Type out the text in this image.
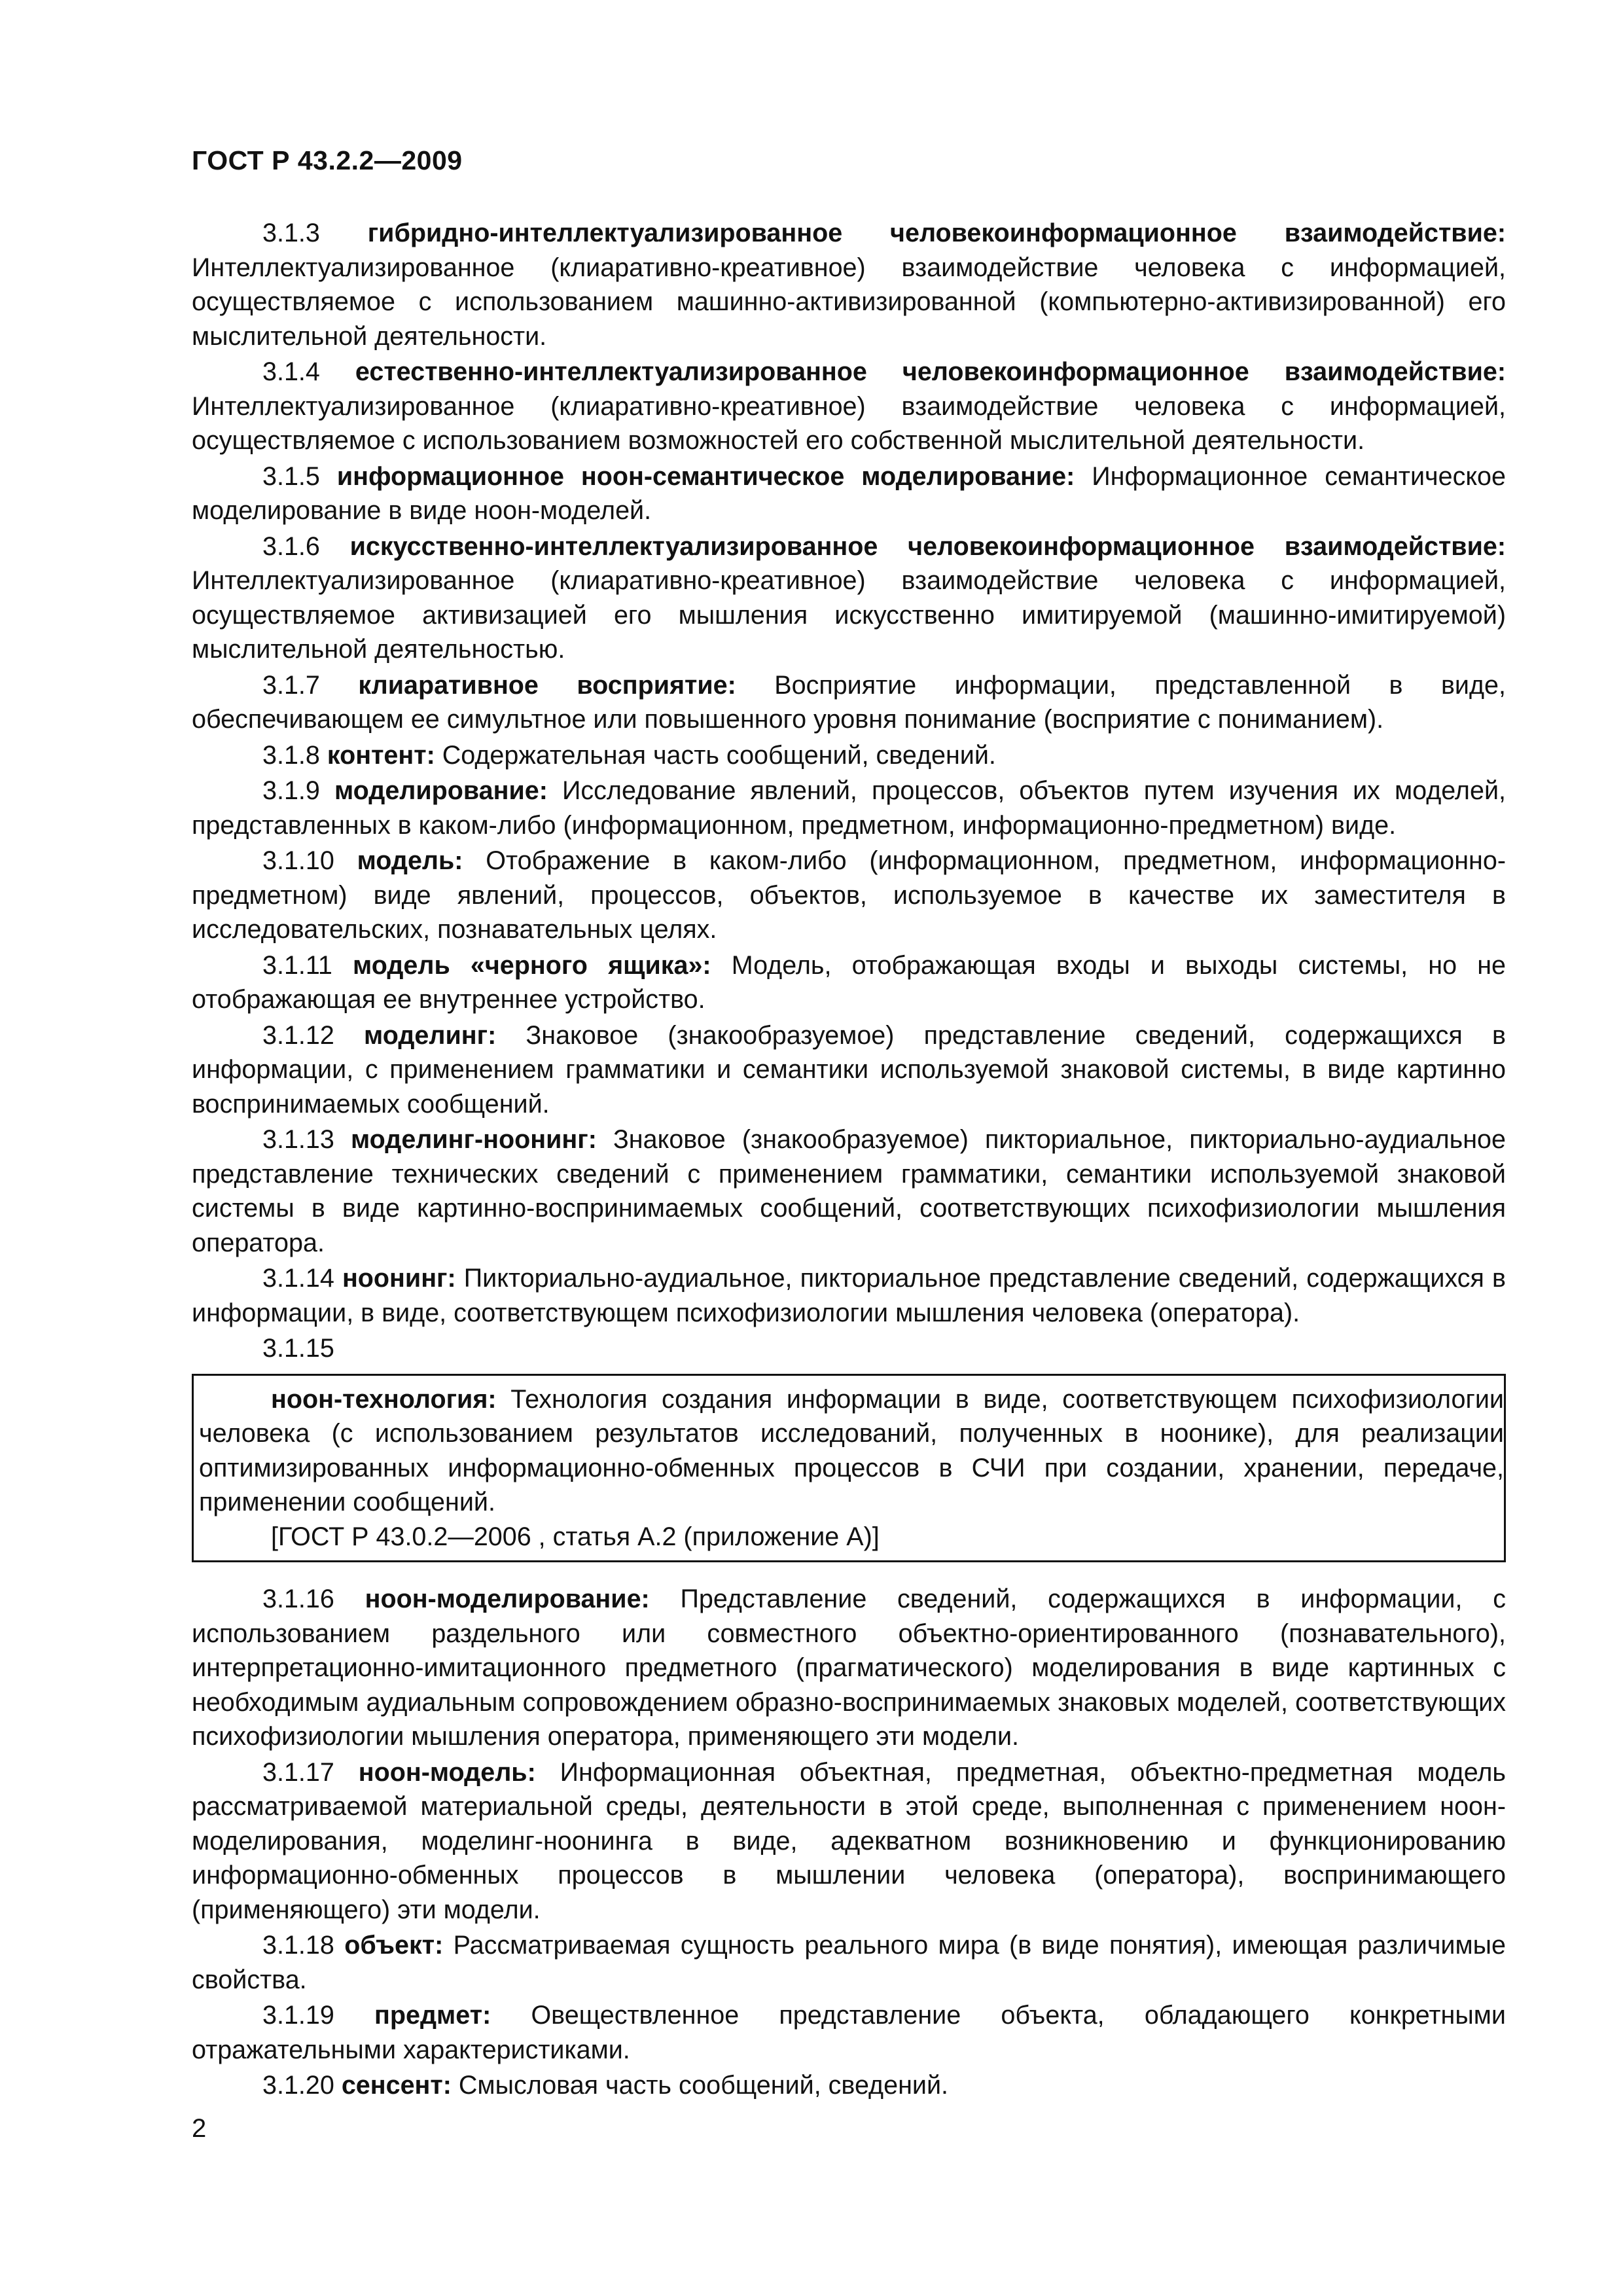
ГОСТ Р 43.2.2—2009

3.1.3 гибридно-интеллектуализированное человекоинформационное взаимодействие: Интеллектуализированное (клиаративно-креативное) взаимодействие человека с информацией, осуществляемое с использованием машинно-активизированной (компьютерно-активизированной) его мыслительной деятельности.

3.1.4 естественно-интеллектуализированное человекоинформационное взаимодействие: Интеллектуализированное (клиаративно-креативное) взаимодействие человека с информацией, осуществляемое с использованием возможностей его собственной мыслительной деятельности.

3.1.5 информационное ноон-семантическое моделирование: Информационное семантическое моделирование в виде ноон-моделей.

3.1.6 искусственно-интеллектуализированное человекоинформационное взаимодействие: Интеллектуализированное (клиаративно-креативное) взаимодействие человека с информацией, осуществляемое активизацией его мышления искусственно имитируемой (машинно-имитируемой) мыслительной деятельностью.

3.1.7 клиаративное восприятие: Восприятие информации, представленной в виде, обеспечивающем ее симультное или повышенного уровня понимание (восприятие с пониманием).

3.1.8 контент: Содержательная часть сообщений, сведений.

3.1.9 моделирование: Исследование явлений, процессов, объектов путем изучения их моделей, представленных в каком-либо (информационном, предметном, информационно-предметном) виде.

3.1.10 модель: Отображение в каком-либо (информационном, предметном, информационно-предметном) виде явлений, процессов, объектов, используемое в качестве их заместителя в исследовательских, познавательных целях.

3.1.11 модель «черного ящика»: Модель, отображающая входы и выходы системы, но не отображающая ее внутреннее устройство.

3.1.12 моделинг: Знаковое (знакообразуемое) представление сведений, содержащихся в информации, с применением грамматики и семантики используемой знаковой системы, в виде картинно воспринимаемых сообщений.

3.1.13 моделинг-ноонинг: Знаковое (знакообразуемое) пикториальное, пикториально-аудиальное представление технических сведений с применением грамматики, семантики используемой знаковой системы в виде картинно-воспринимаемых сообщений, соответствующих психофизиологии мышления оператора.

3.1.14 ноонинг: Пикториально-аудиальное, пикториальное представление сведений, содержащихся в информации, в виде, соответствующем психофизиологии мышления человека (оператора).

3.1.15

ноон-технология: Технология создания информации в виде, соответствующем психофизиологии человека (с использованием результатов исследований, полученных в ноонике), для реализации оптимизированных информационно-обменных процессов в СЧИ при создании, хранении, передаче, применении сообщений.

[ГОСТ Р 43.0.2—2006 , статья А.2 (приложение А)]

3.1.16 ноон-моделирование: Представление сведений, содержащихся в информации, с использованием раздельного или совместного объектно-ориентированного (познавательного), интерпретационно-имитационного предметного (прагматического) моделирования в виде картинных с необходимым аудиальным сопровождением образно-воспринимаемых знаковых моделей, соответствующих психофизиологии мышления оператора, применяющего эти модели.

3.1.17 ноон-модель: Информационная объектная, предметная, объектно-предметная модель рассматриваемой материальной среды, деятельности в этой среде, выполненная с применением ноон-моделирования, моделинг-ноонинга в виде, адекватном возникновению и функционированию информационно-обменных процессов в мышлении человека (оператора), воспринимающего (применяющего) эти модели.

3.1.18 объект: Рассматриваемая сущность реального мира (в виде понятия), имеющая различимые свойства.

3.1.19 предмет: Овеществленное представление объекта, обладающего конкретными отражательными характеристиками.

3.1.20 сенсент: Смысловая часть сообщений, сведений.

2
